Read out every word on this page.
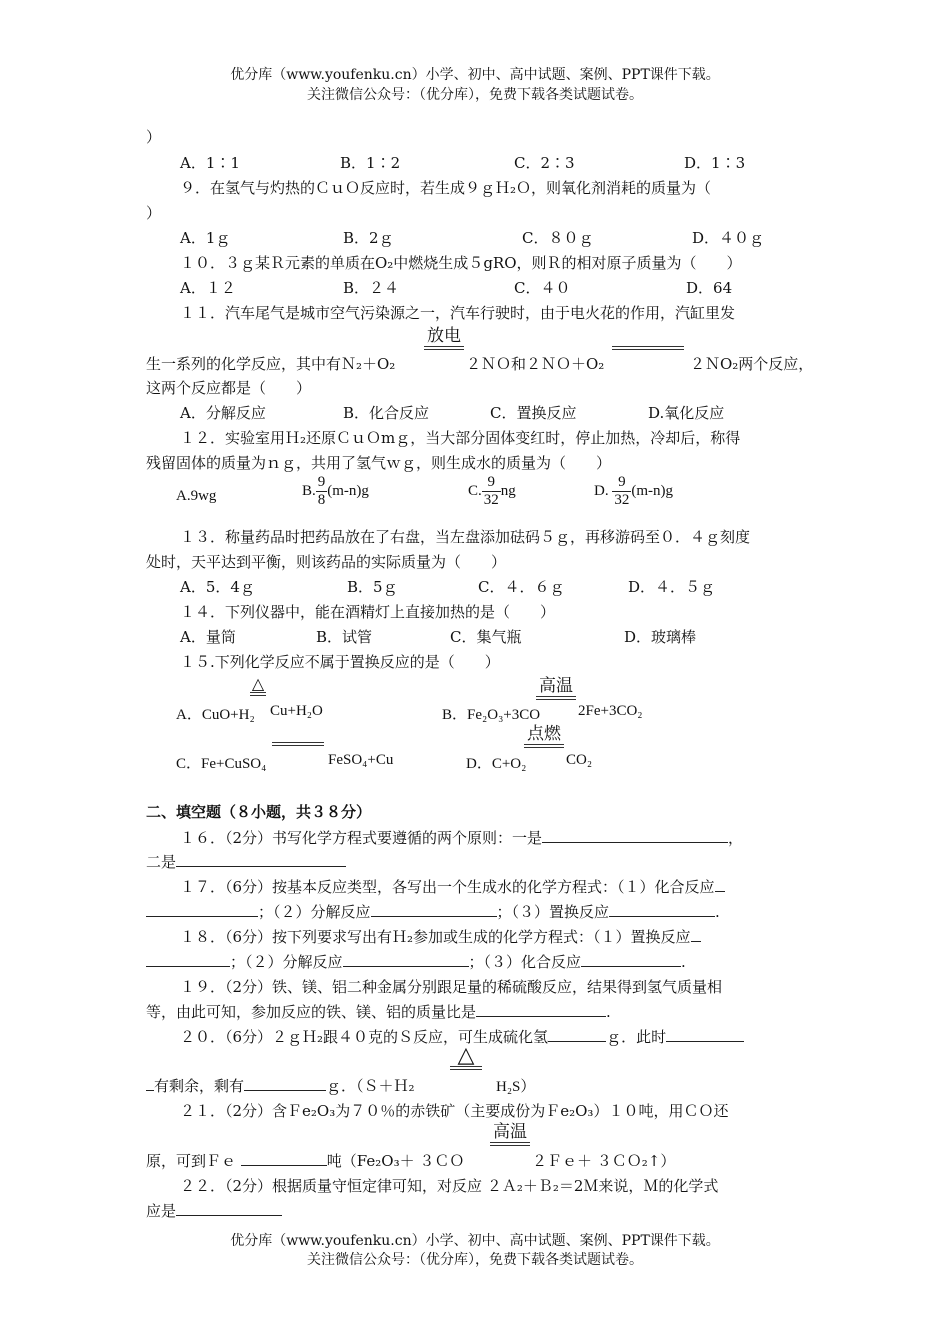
优分库（www.youfenku.cn）小学、初中、高中试题、案例、PPT课件下载。
关注微信公众号：（优分库），免费下载各类试题试卷。
）
A．1∶1	B．1∶2	C．2∶3	D．1∶3
９．在氢气与灼热的ＣｕＯ反应时，若生成９ｇＨ₂Ｏ，则氧化剂消耗的质量为（
）
A．1ｇ	B．2ｇ	C．８０ｇ	D．４０ｇ
１０．３ｇ某Ｒ元素的单质在O₂中燃烧生成５gRO，则Ｒ的相对原子质量为（　　）
A．１２	B．２４	C．４０	D．64
１１．汽车尾气是城市空气污染源之一，汽车行驶时，由于电火花的作用，汽缸里发
放电
生一系列的化学反应，其中有Ｎ₂＋O₂	２ＮＯ和２ＮＯ＋O₂	２ＮO₂两个反应，
这两个反应都是（　　）
A．分解反应	B．化合反应	C．置换反应	D.氧化反应
１２．实验室用Ｈ₂还原ＣｕＯmｇ，当大部分固体变红时，停止加热，冷却后，称得
残留固体的质量为ｎｇ，共用了氢气ｗｇ，则生成水的质量为（　　）
A.9wg	B. $\frac{9}{8} (m-n)g$	C. $\frac{9}{32}$ ng	D. $\frac{9}{32} (m-n)g$
１３．称量药品时把药品放在了右盘，当左盘添加砝码５ｇ，再移游码至０．４ｇ刻度
处时，天平达到平衡，则该药品的实际质量为（　　）
A．5．4ｇ	B．5ｇ	C．４．６ｇ	D．４．５ｇ
１４．下列仪器中，能在酒精灯上直接加热的是（　　）
A．量筒	B．试管	C．集气瓶	D．玻璃棒
１５.下列化学反应不属于置换反应的是（　　）
A．CuO+H₂
△
Cu+H₂O	B．Fe₂O₃+3CO
高温
2Fe+3CO₂
C．Fe+CuSO₄	FeSO₄+Cu	D．C+O₂
点燃
CO₂
二、填空题（８小题，共３８分）
１６．（2分）书写化学方程式要遵循的两个原则：一是	，
二是
１７．（6分）按基本反应类型，各写出一个生成水的化学方程式：（１）化合反应
；（２）分解反应	；（３）置换反应	.
１８．（6分）按下列要求写出有Ｈ₂参加或生成的化学方程式：（１）置换反应
；（２）分解反应	；（３）化合反应	.
１９．（2分）铁、镁、铝二种金属分别跟足量的稀硫酸反应，结果得到氢气质量相
等，由此可知，参加反应的铁、镁、铝的质量比是	.
２０．（6分）２ｇＨ₂跟４０克的Ｓ反应，可生成硫化氢	ｇ．此时
△
有剩余，剩有	ｇ．（Ｓ＋Ｈ₂	H₂S）
２１．（2分）含Ｆe₂O₃为７０％的赤铁矿（主要成份为Ｆe₂O₃）１０吨，用ＣＯ还
高温
原，可到Ｆｅ	吨（Fe₂O₃＋ ３ＣＯ	２Ｆｅ＋ ３ＣＯ₂↑）
２２．（2分）根据质量守恒定律可知，对反应 ２Ａ₂＋Ｂ₂＝2Ｍ来说，Ｍ的化学式
应是
优分库（www.youfenku.cn）小学、初中、高中试题、案例、PPT课件下载。
关注微信公众号：（优分库），免费下载各类试题试卷。
